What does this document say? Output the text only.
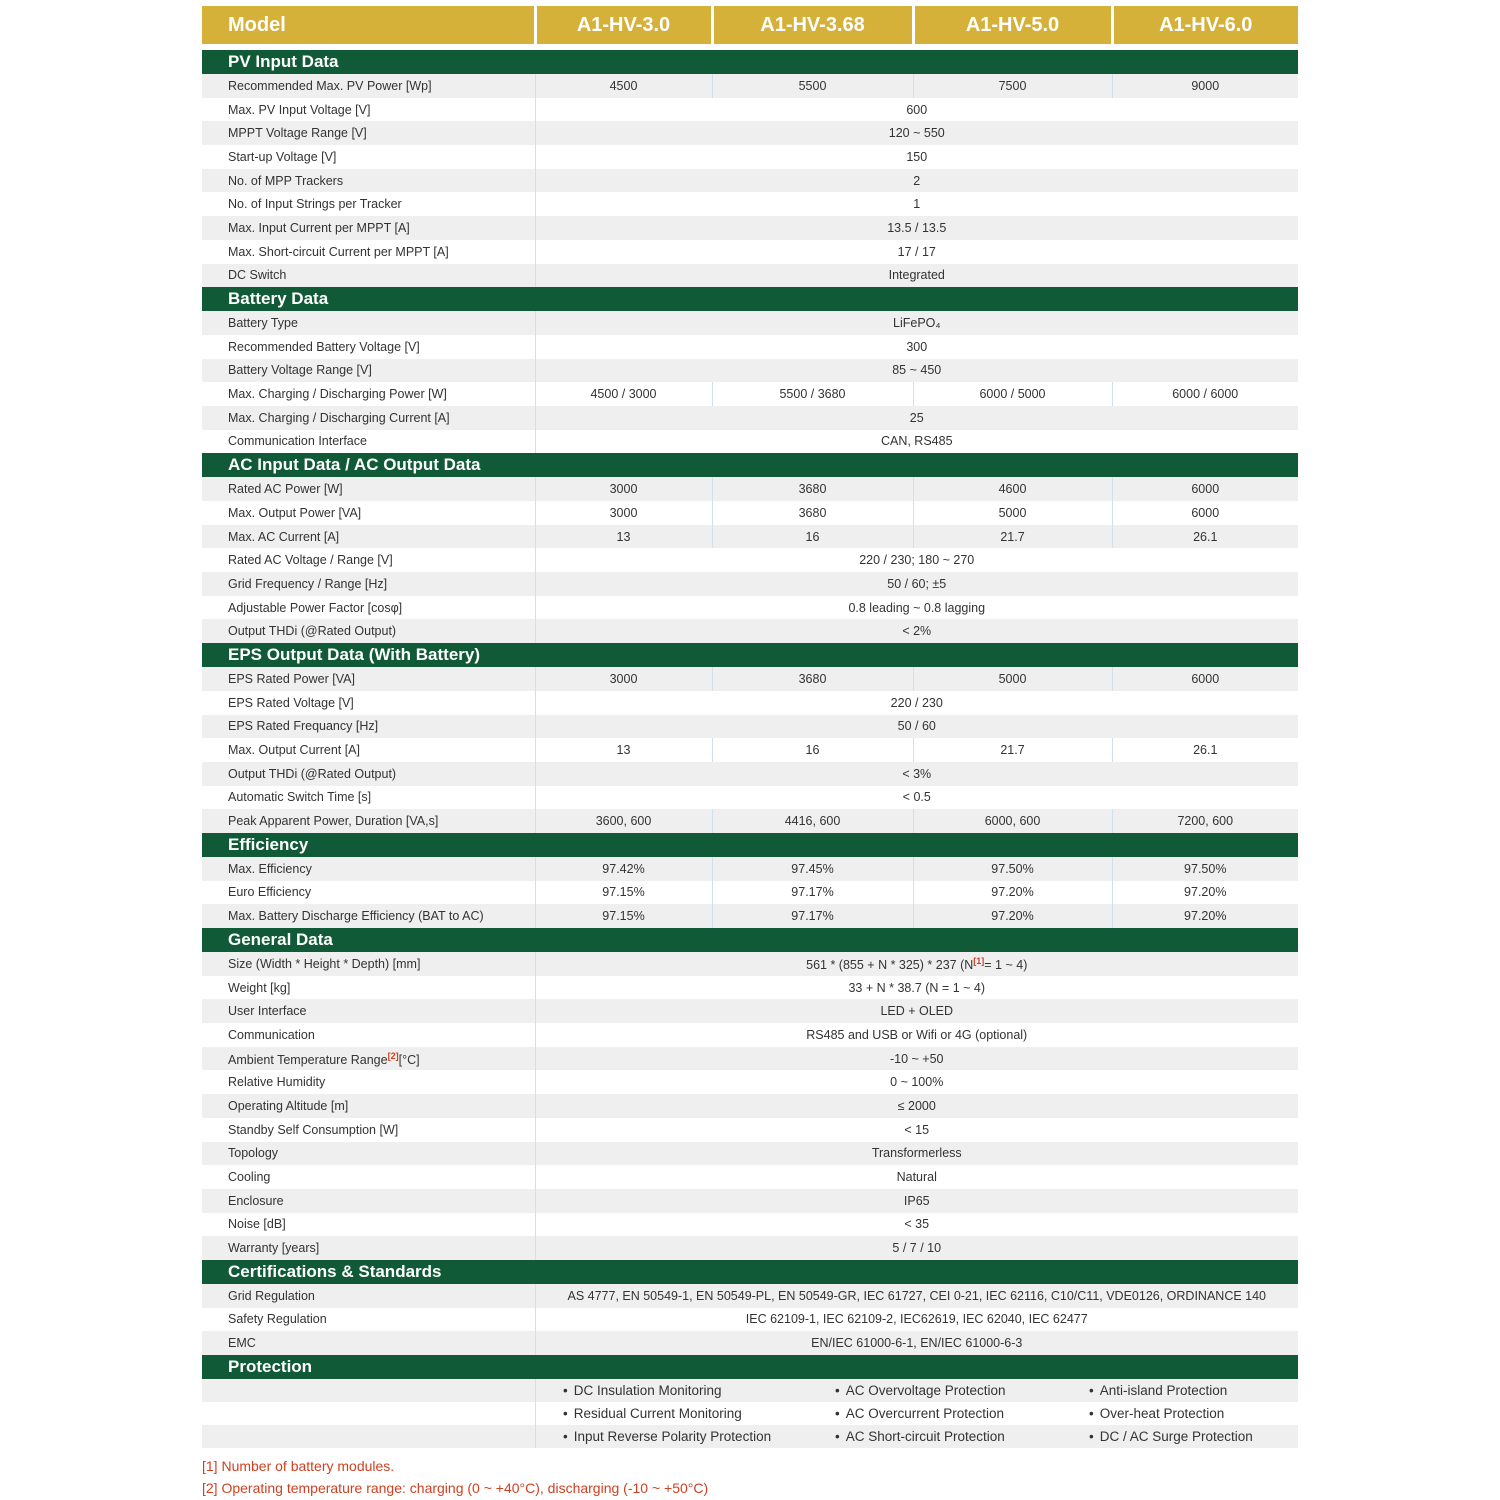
Model	A1-HV-3.0	A1-HV-3.68	A1-HV-5.0	A1-HV-6.0

PV Input Data				
Recommended Max. PV Power [Wp]	4500	5500	7500	9000
Max. PV Input Voltage [V]	600			
MPPT Voltage Range [V]	120 ~ 550			
Start-up Voltage [V]	150			
No. of MPP Trackers	2			
No. of Input Strings per Tracker	1			
Max. Input Current per MPPT [A]	13.5 / 13.5			
Max. Short-circuit Current per MPPT [A]	17 / 17			
DC Switch	Integrated			
Battery Data				
Battery Type	LiFePO₄			
Recommended Battery Voltage [V]	300			
Battery Voltage Range [V]	85 ~ 450			
Max. Charging / Discharging Power [W]	4500 / 3000	5500 / 3680	6000 / 5000	6000 / 6000
Max. Charging / Discharging Current [A]	25			
Communication Interface	CAN, RS485			
AC Input Data / AC Output Data				
Rated AC Power [W]	3000	3680	4600	6000
Max. Output Power [VA]	3000	3680	5000	6000
Max. AC Current [A]	13	16	21.7	26.1
Rated AC Voltage / Range [V]	220 / 230; 180 ~ 270			
Grid Frequency / Range [Hz]	50 / 60; ±5			
Adjustable Power Factor [cosφ]	0.8 leading ~ 0.8 lagging			
Output THDi (@Rated Output)	< 2%			
EPS Output Data (With Battery)				
EPS Rated Power [VA]	3000	3680	5000	6000
EPS Rated Voltage [V]	220 / 230			
EPS Rated Frequancy [Hz]	50 / 60			
Max. Output Current [A]	13	16	21.7	26.1
Output THDi (@Rated Output)	< 3%			
Automatic Switch Time [s]	< 0.5			
Peak Apparent Power, Duration [VA,s]	3600, 600	4416, 600	6000, 600	7200, 600
Efficiency				
Max. Efficiency	97.42%	97.45%	97.50%	97.50%
Euro Efficiency	97.15%	97.17%	97.20%	97.20%
Max. Battery Discharge Efficiency (BAT to AC)	97.15%	97.17%	97.20%	97.20%
General Data				
Size (Width * Height * Depth) [mm]	561 * (855 + N * 325) * 237 (N[1]= 1 ~ 4)			
Weight [kg]	33 + N * 38.7 (N = 1 ~ 4)			
User Interface	LED + OLED			
Communication	RS485 and USB or Wifi or 4G (optional)			
Ambient Temperature Range[2][°C]	-10 ~ +50			
Relative Humidity	0 ~ 100%			
Operating Altitude [m]	≤ 2000			
Standby Self Consumption [W]	< 15			
Topology	Transformerless			
Cooling	Natural			
Enclosure	IP65			
Noise [dB]	< 35			
Warranty [years]	5 / 7 / 10			
Certifications & Standards				
Grid Regulation	AS 4777, EN 50549-1, EN 50549-PL, EN 50549-GR, IEC 61727, CEI 0-21, IEC 62116, C10/C11, VDE0126, ORDINANCE 140			
Safety Regulation	IEC 62109-1, IEC 62109-2, IEC62619, IEC 62040, IEC 62477			
EMC	EN/IEC 61000-6-1, EN/IEC 61000-6-3			
Protection				
		• DC Insulation Monitoring	• AC Overvoltage Protection	• Anti-island Protection
		• Residual Current Monitoring	• AC Overcurrent Protection	• Over-heat Protection
		• Input Reverse Polarity Protection	• AC Short-circuit Protection	• DC / AC Surge Protection
[1] Number of battery modules.
[2] Operating temperature range: charging (0 ~ +40°C), discharging (-10 ~ +50°C)
